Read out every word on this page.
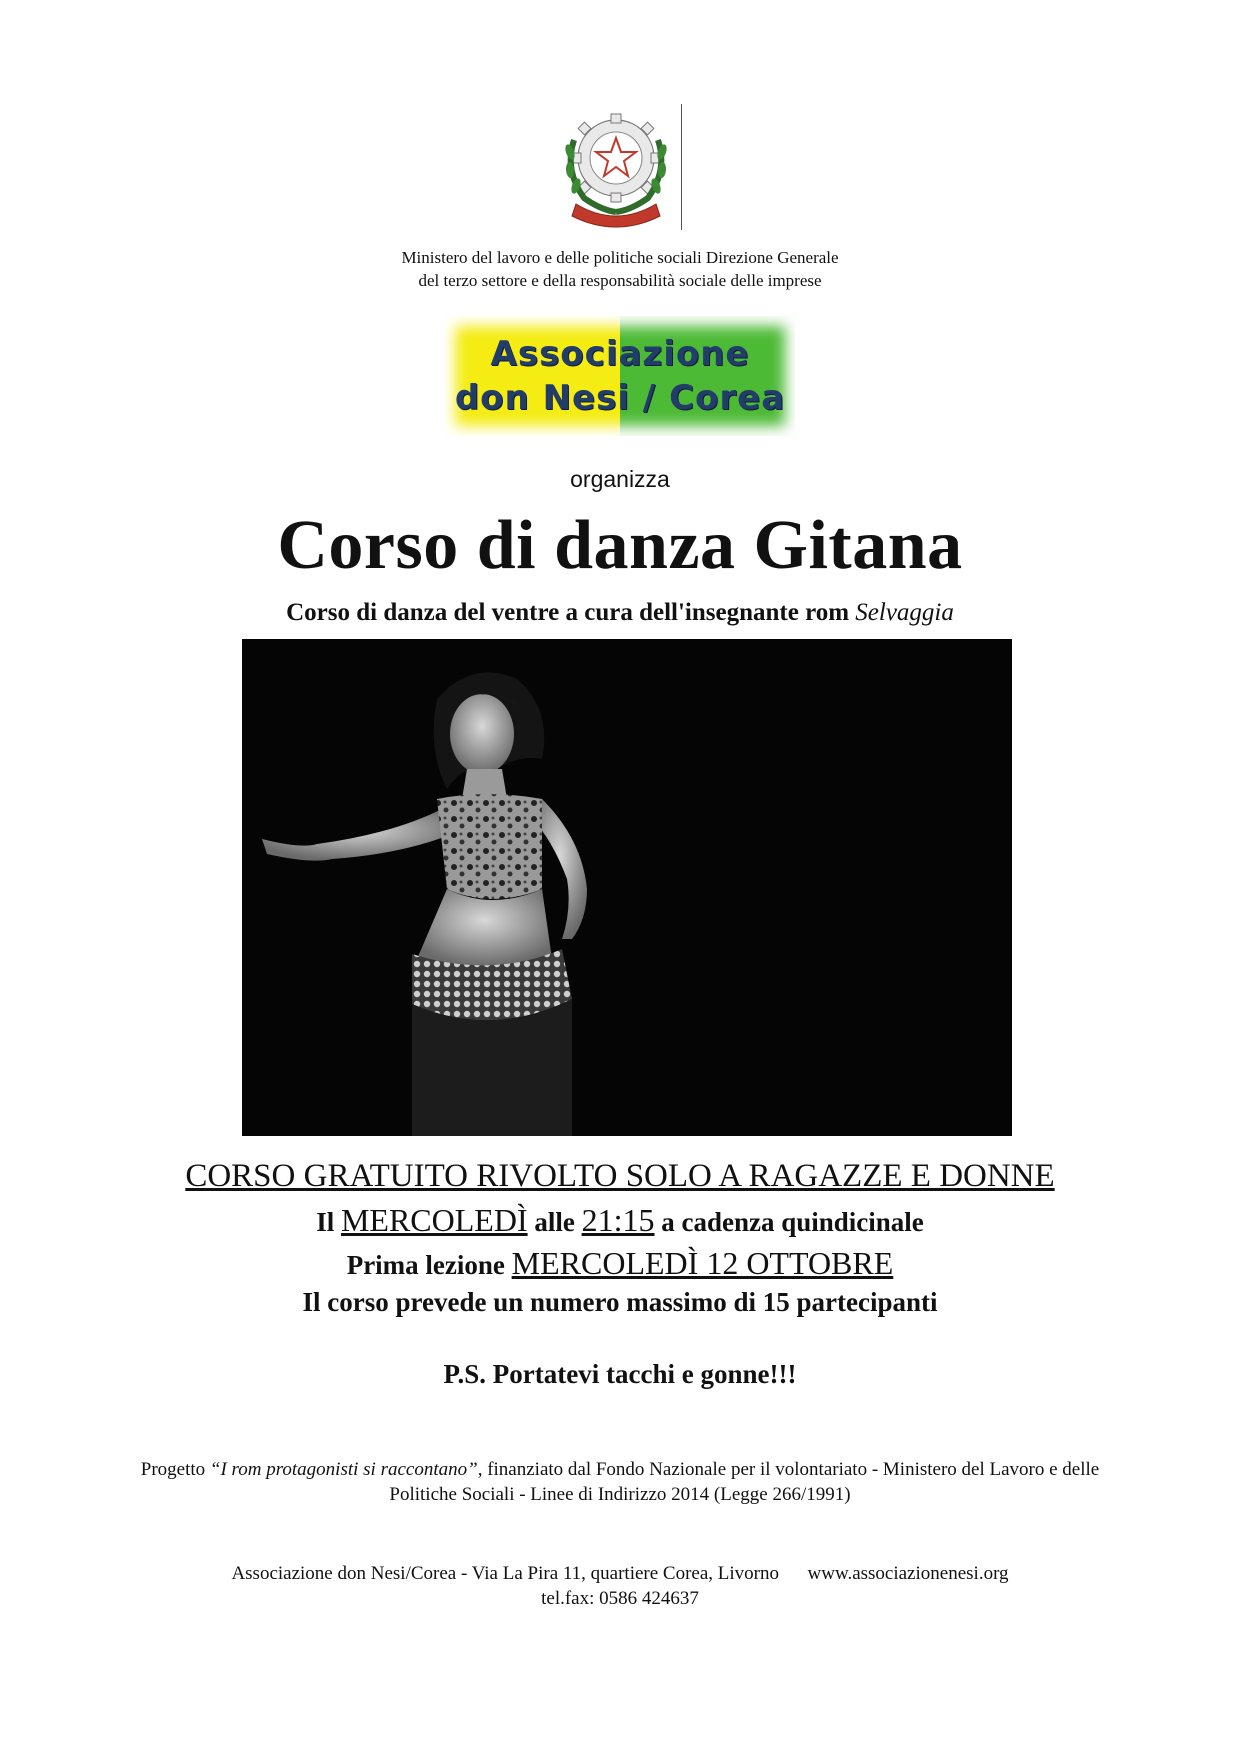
Ministero del lavoro e delle politiche sociali Direzione Generale
del terzo settore e della responsabilità sociale delle imprese
Associazione
don Nesi / Corea
organizza
Corso di danza Gitana
Corso di danza del ventre a cura dell'insegnante rom Selvaggia
CORSO GRATUITO RIVOLTO SOLO A RAGAZZE E DONNE
Il MERCOLEDÌ alle 21:15 a cadenza quindicinale
Prima lezione MERCOLEDÌ 12 OTTOBRE
Il corso prevede un numero massimo di 15 partecipanti
P.S. Portatevi tacchi e gonne!!!
Progetto “I rom protagonisti si raccontano”, finanziato dal Fondo Nazionale per il volontariato - Ministero del Lavoro e delle
Politiche Sociali - Linee di Indirizzo 2014 (Legge 266/1991)
Associazione don Nesi/Corea - Via La Pira 11, quartiere Corea, Livorno www.associazionenesi.org
tel.fax: 0586 424637
